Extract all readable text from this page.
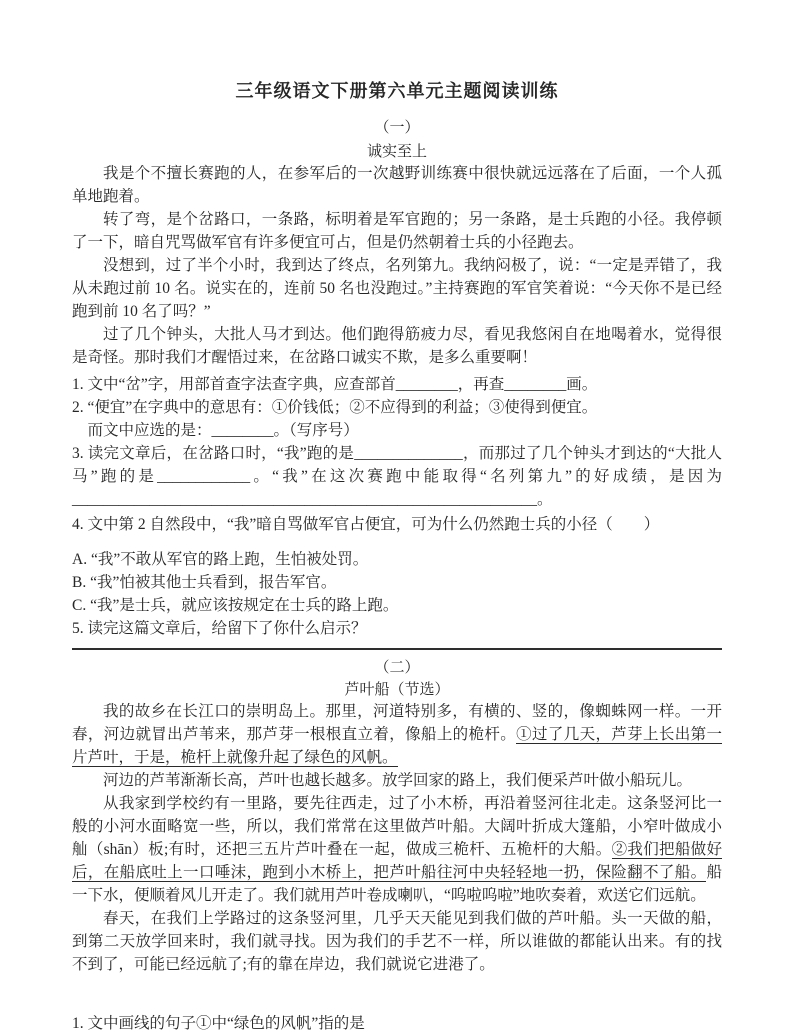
三年级语文下册第六单元主题阅读训练
（一）
诚实至上

我是个不擅长赛跑的人，在参军后的一次越野训练赛中很快就远远落在了后面，一个人孤单地跑着。

转了弯，是个岔路口，一条路，标明着是军官跑的；另一条路，是士兵跑的小径。我停顿了一下，暗自咒骂做军官有许多便宜可占，但是仍然朝着士兵的小径跑去。

没想到，过了半个小时，我到达了终点，名列第九。我纳闷极了，说：“一定是弄错了，我从未跑过前 10 名。说实在的，连前 50 名也没跑过。”主持赛跑的军官笑着说：“今天你不是已经跑到前 10 名了吗？”

过了几个钟头，大批人马才到达。他们跑得筋疲力尽，看见我悠闲自在地喝着水，觉得很是奇怪。那时我们才醒悟过来，在岔路口诚实不欺，是多么重要啊！

1. 文中“岔”字，用部首查字法查字典，应查部首________，再查________画。
2. “便宜”在字典中的意思有：①价钱低；②不应得到的利益；③使得到便宜。
而文中应选的是：________。（写序号）
3. 读完文章后，在岔路口时，“我”跑的是______________，而那过了几个钟头才到达的“大批人马”跑的是____________。“我”在这次赛跑中能取得“名列第九”的好成绩，是因为____________________________________________________________。
4. 文中第 2 自然段中，“我”暗自骂做军官占便宜，可为什么仍然跑士兵的小径（　　）
A. “我”不敢从军官的路上跑，生怕被处罚。
B. “我”怕被其他士兵看到，报告军官。
C. “我”是士兵，就应该按规定在士兵的路上跑。
5. 读完这篇文章后，给留下了你什么启示？
（二）
芦叶船（节选）

我的故乡在长江口的崇明岛上。那里，河道特别多，有横的、竖的，像蜘蛛网一样。一开春，河边就冒出芦苇来，那芦芽一根根直立着，像船上的桅杆。①过了几天，芦芽上长出第一片芦叶，于是，桅杆上就像升起了绿色的风帆。

河边的芦苇渐渐长高，芦叶也越长越多。放学回家的路上，我们便采芦叶做小船玩儿。

从我家到学校约有一里路，要先往西走，过了小木桥，再沿着竖河往北走。这条竖河比一般的小河水面略宽一些，所以，我们常常在这里做芦叶船。大阔叶折成大篷船，小窄叶做成小舢（shān）板;有时，还把三五片芦叶叠在一起，做成三桅杆、五桅杆的大船。②我们把船做好后，在船底吐上一口唾沫，跑到小木桥上，把芦叶船往河中央轻轻地一扔，保险翻不了船。船一下水，便顺着风儿开走了。我们就用芦叶卷成喇叭，“呜啦呜啦”地吹奏着，欢送它们远航。

春天，在我们上学路过的这条竖河里，几乎天天能见到我们做的芦叶船。头一天做的船，到第二天放学回来时，我们就寻找。因为我们的手艺不一样，所以谁做的都能认出来。有的找不到了，可能已经远航了;有的靠在岸边，我们就说它进港了。

1. 文中画线的句子①中“绿色的风帆”指的是
